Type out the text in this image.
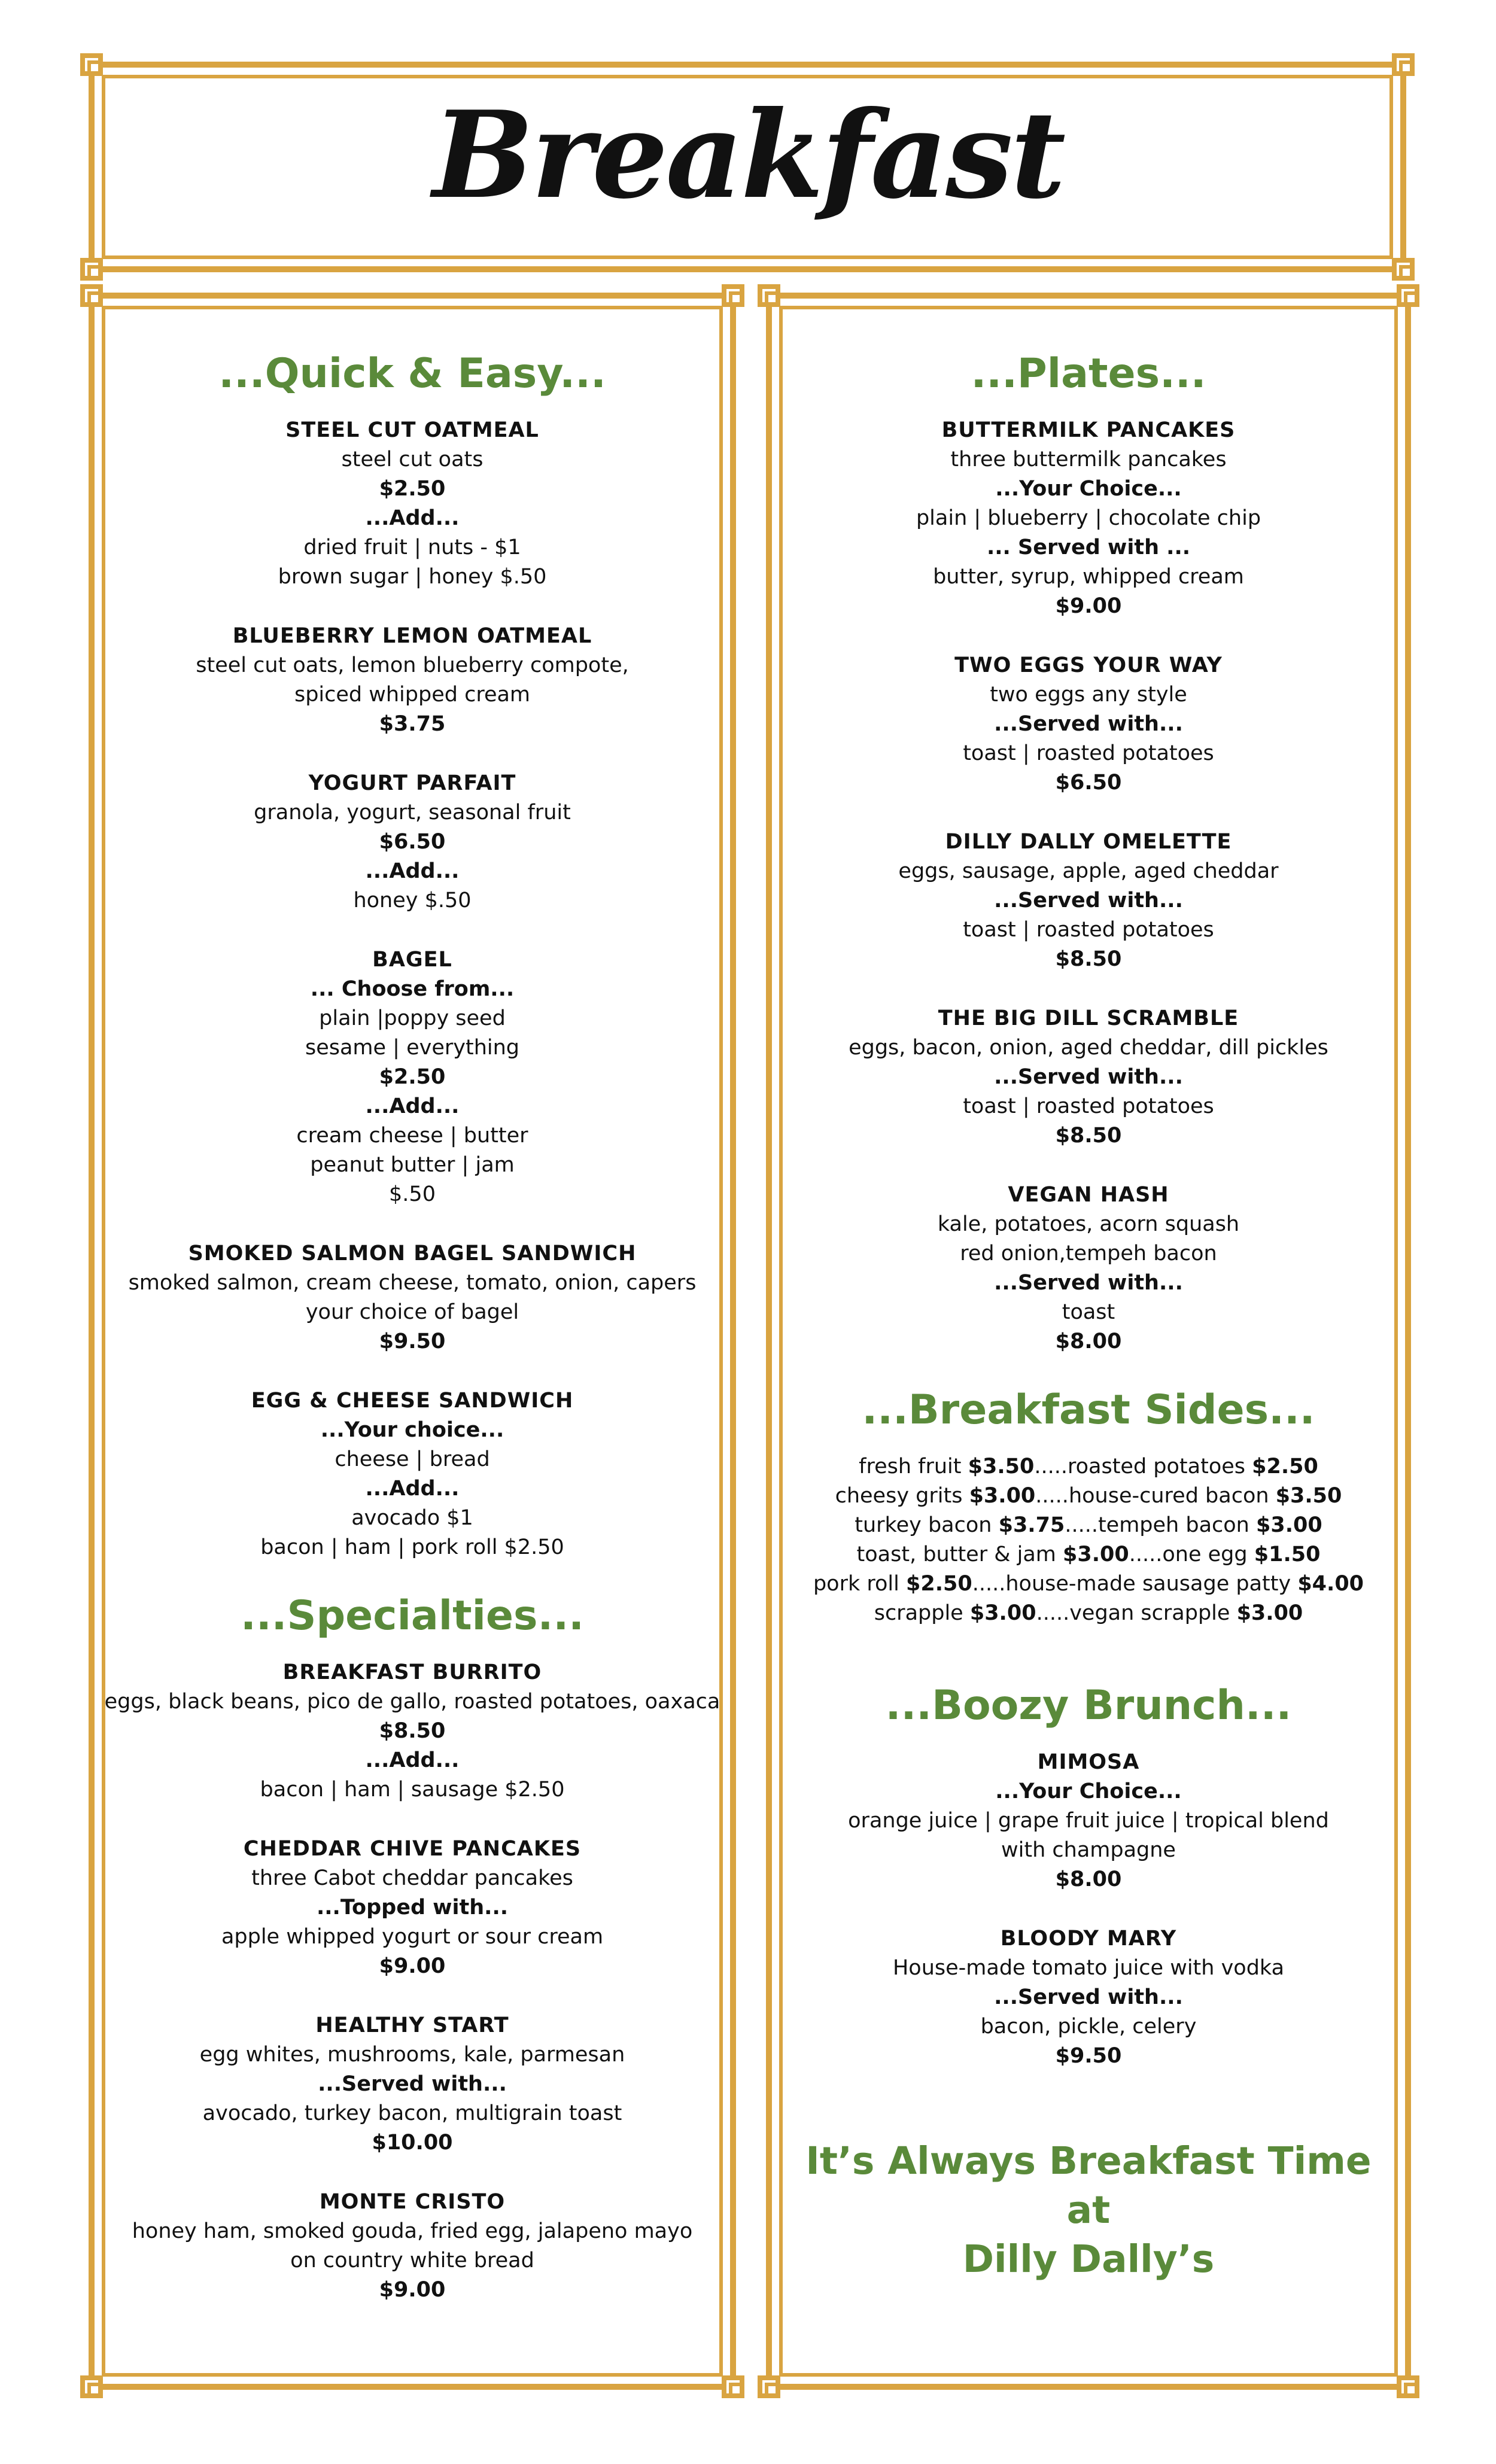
Breakfast
...Quick & Easy...
STEEL CUT OATMEAL
steel cut oats
$2.50
...Add...
dried fruit | nuts - $1
brown sugar | honey $.50
BLUEBERRY LEMON OATMEAL
steel cut oats, lemon blueberry compote,
spiced whipped cream
$3.75
YOGURT PARFAIT
granola, yogurt, seasonal fruit
$6.50
...Add...
honey $.50
BAGEL
... Choose from...
plain |poppy seed
sesame | everything
$2.50
...Add...
cream cheese | butter
peanut butter | jam
$.50
SMOKED SALMON BAGEL SANDWICH
smoked salmon, cream cheese, tomato, onion, capers
your choice of bagel
$9.50
EGG & CHEESE SANDWICH
...Your choice...
cheese | bread
...Add...
avocado $1
bacon | ham | pork roll $2.50
...Specialties...
BREAKFAST BURRITO
eggs, black beans, pico de gallo, roasted potatoes, oaxaca
$8.50
...Add...
bacon | ham | sausage $2.50
CHEDDAR CHIVE PANCAKES
three Cabot cheddar pancakes
...Topped with...
apple whipped yogurt or sour cream
$9.00
HEALTHY START
egg whites, mushrooms, kale, parmesan
...Served with...
avocado, turkey bacon, multigrain toast
$10.00
MONTE CRISTO
honey ham, smoked gouda, fried egg, jalapeno mayo
on country white bread
$9.00
...Plates...
BUTTERMILK PANCAKES
three buttermilk pancakes
...Your Choice...
plain | blueberry | chocolate chip
... Served with ...
butter, syrup, whipped cream
$9.00
TWO EGGS YOUR WAY
two eggs any style
...Served with...
toast | roasted potatoes
$6.50
DILLY DALLY OMELETTE
eggs, sausage, apple, aged cheddar
...Served with...
toast | roasted potatoes
$8.50
THE BIG DILL SCRAMBLE
eggs, bacon, onion, aged cheddar, dill pickles
...Served with...
toast | roasted potatoes
$8.50
VEGAN HASH
kale, potatoes, acorn squash
red onion,tempeh bacon
...Served with...
toast
$8.00
...Breakfast Sides...
fresh fruit $3.50.....roasted potatoes $2.50
cheesy grits $3.00.....house-cured bacon $3.50
turkey bacon $3.75.....tempeh bacon $3.00
toast, butter & jam $3.00.....one egg $1.50
pork roll $2.50.....house-made sausage patty $4.00
scrapple $3.00.....vegan scrapple $3.00
...Boozy Brunch...
MIMOSA
...Your Choice...
orange juice | grape fruit juice | tropical blend
with champagne
$8.00
BLOODY MARY
House-made tomato juice with vodka
...Served with...
bacon, pickle, celery
$9.50
It’s Always Breakfast Time at
Dilly Dally’s
